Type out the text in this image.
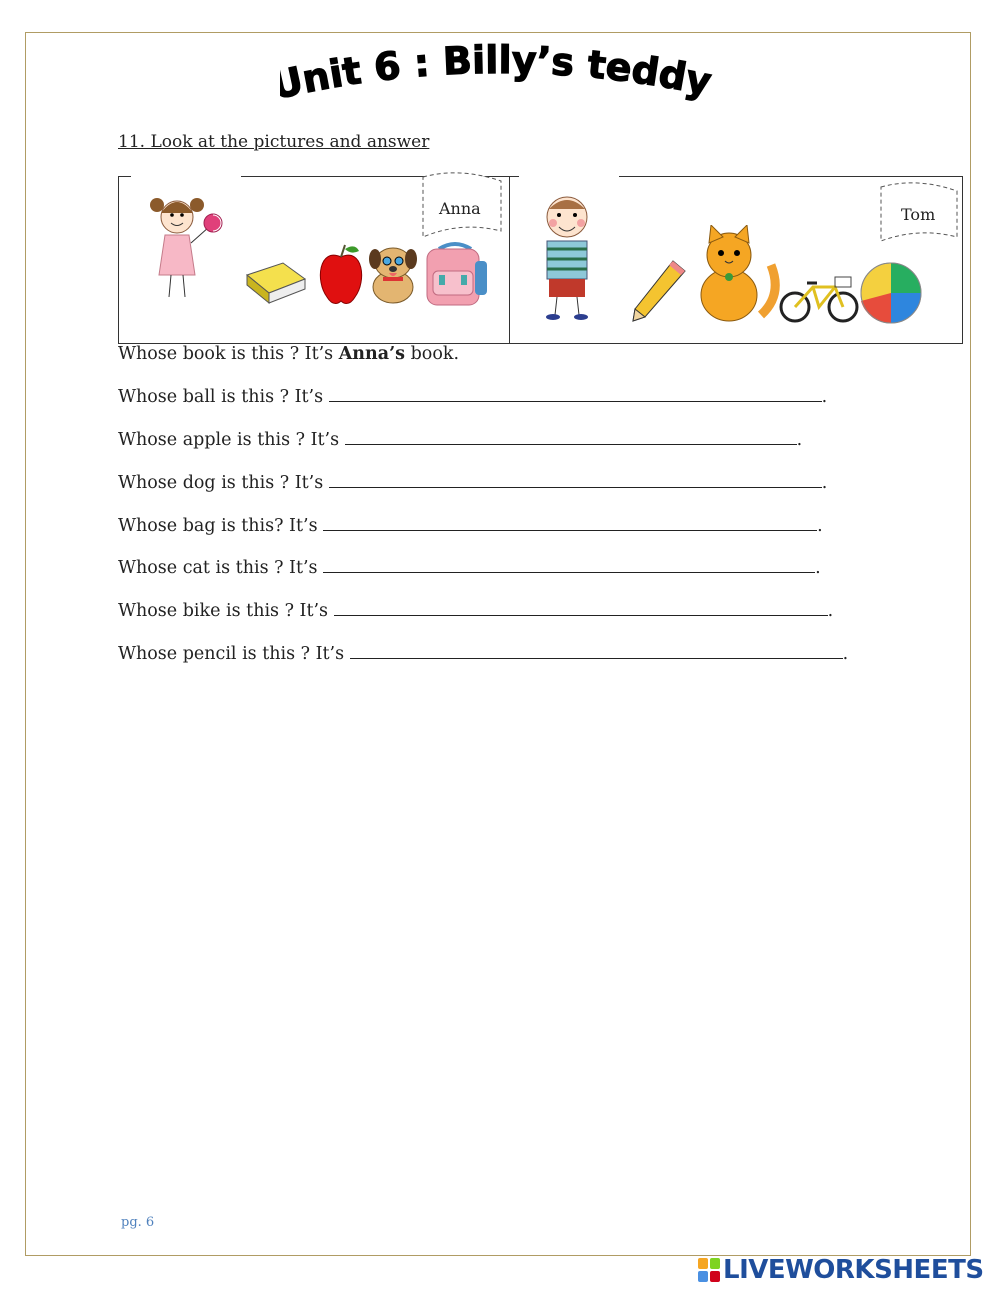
nit 6 : Billy’s teddy
11. Look at the pictures and answer
Anna	Tom
Whose book is this ? It’s Anna’s book.
Whose ball is this ? It’s	.
Whose apple is this ? It’s	.
Whose dog is this ? It’s	.
Whose bag is this? It’s	.
Whose cat is this ? It’s	.
Whose bike is this ? It’s	.
Whose pencil is this ? It’s	.
pg. 6
LIVEWORKSHEETS
